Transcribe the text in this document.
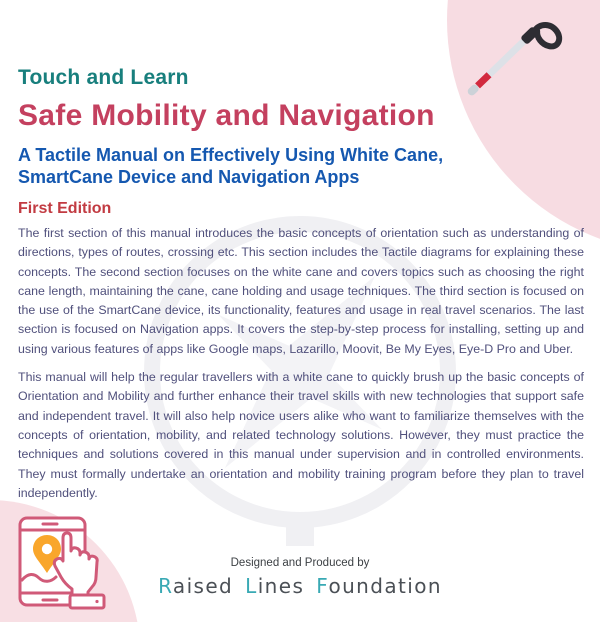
Touch and Learn
Safe Mobility and Navigation
A Tactile Manual on Effectively Using White Cane,
SmartCane Device and Navigation Apps
First Edition

The first section of this manual introduces the basic concepts of orientation such as understanding of directions, types of routes, crossing etc. This section includes the Tactile diagrams for explaining these concepts. The second section focuses on the white cane and covers topics such as choosing the right cane length, maintaining the cane, cane holding and usage techniques. The third section is focused on the use of the SmartCane device, its functionality, features and usage in real travel scenarios. The last section is focused on Navigation apps. It covers the step-by-step process for installing, setting up and using various features of apps like Google maps, Lazarillo, Moovit, Be My Eyes, Eye-D Pro and Uber.

This manual will help the regular travellers with a white cane to quickly brush up the basic concepts of Orientation and Mobility and further enhance their travel skills with new technologies that support safe and independent travel. It will also help novice users alike who want to familiarize themselves with the concepts of orientation, mobility, and related technology solutions. However, they must practice the techniques and solutions covered in this manual under supervision and in controlled environments. They must formally undertake an orientation and mobility training program before they plan to travel independently.

Designed and Produced by
Raised Lines Foundation
